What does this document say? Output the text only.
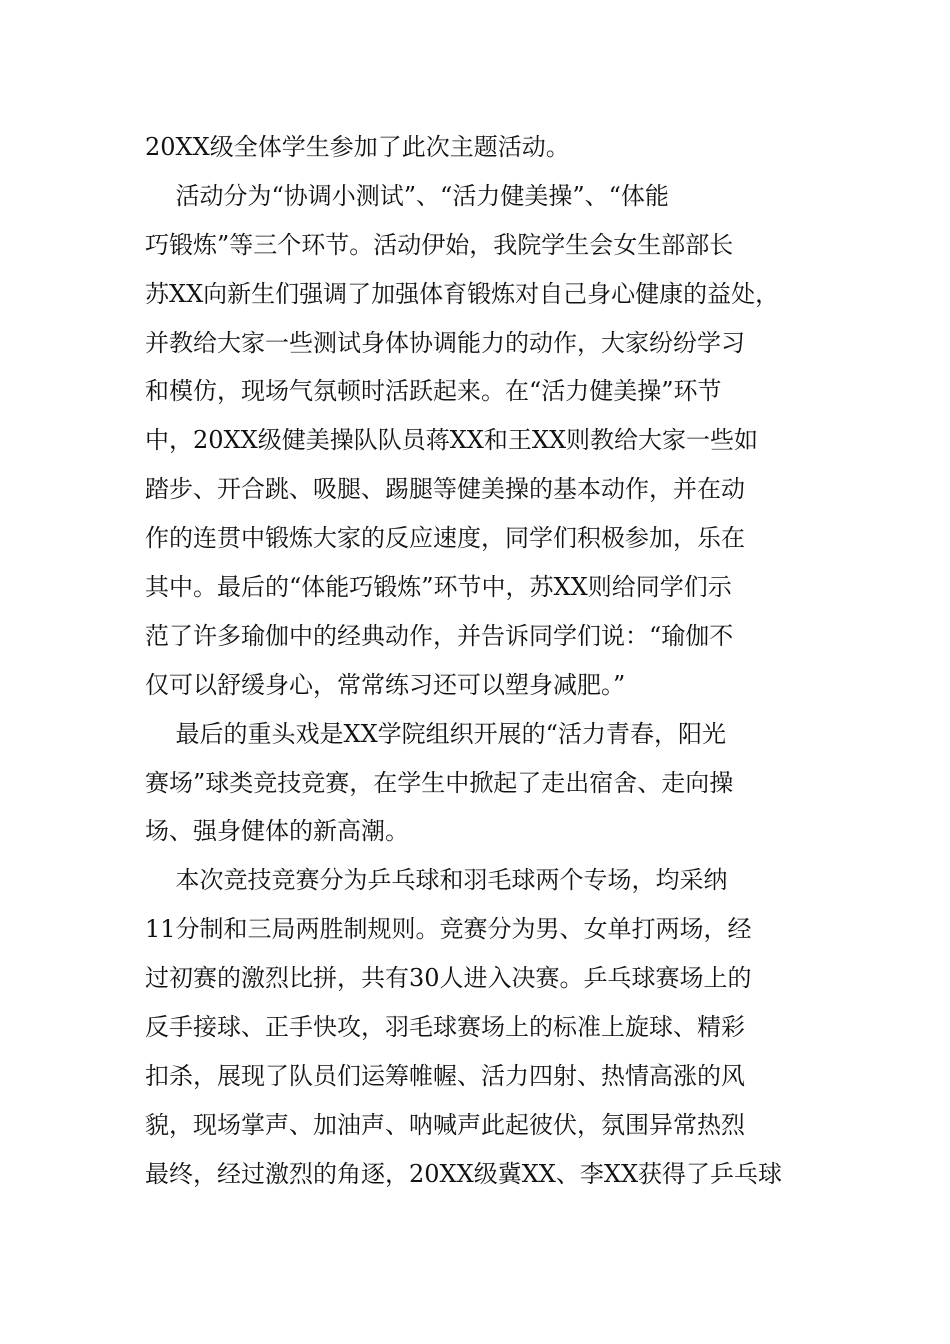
20XX级全体学生参加了此次主题活动。
活动分为“协调小测试”、“活力健美操”、“体能
巧锻炼”等三个环节。活动伊始，我院学生会女生部部长
苏XX向新生们强调了加强体育锻炼对自己身心健康的益处，
并教给大家一些测试身体协调能力的动作，大家纷纷学习
和模仿，现场气氛顿时活跃起来。在“活力健美操”环节
中，20XX级健美操队队员蒋XX和王XX则教给大家一些如
踏步、开合跳、吸腿、踢腿等健美操的基本动作，并在动
作的连贯中锻炼大家的反应速度，同学们积极参加，乐在
其中。最后的“体能巧锻炼”环节中，苏XX则给同学们示
范了许多瑜伽中的经典动作，并告诉同学们说：“瑜伽不
仅可以舒缓身心，常常练习还可以塑身减肥。”
最后的重头戏是XX学院组织开展的“活力青春，阳光
赛场”球类竞技竞赛，在学生中掀起了走出宿舍、走向操
场、强身健体的新高潮。
本次竞技竞赛分为乒乓球和羽毛球两个专场，均采纳
11分制和三局两胜制规则。竞赛分为男、女单打两场，经
过初赛的激烈比拼，共有30人进入决赛。乒乓球赛场上的
反手接球、正手快攻，羽毛球赛场上的标准上旋球、精彩
扣杀，展现了队员们运筹帷幄、活力四射、热情高涨的风
貌，现场掌声、加油声、呐喊声此起彼伏，氛围异常热烈
最终，经过激烈的角逐，20XX级冀XX、李XX获得了乒乓球
